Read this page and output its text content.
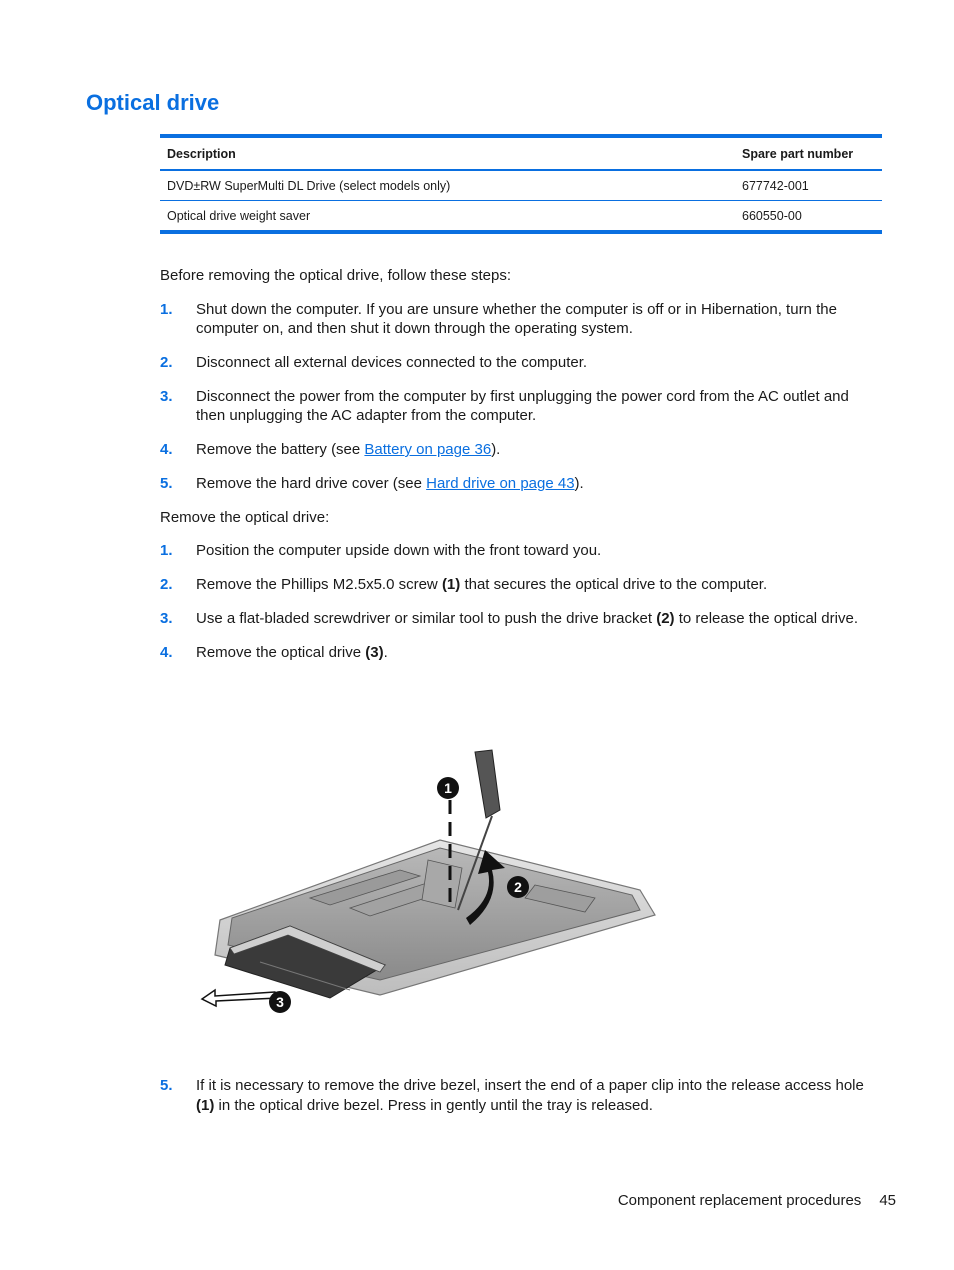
Optical drive
Description	Spare part number
DVD±RW SuperMulti DL Drive (select models only)	677742-001
Optical drive weight saver	660550-00

Before removing the optical drive, follow these steps:

1. Shut down the computer. If you are unsure whether the computer is off or in Hibernation, turn the computer on, and then shut it down through the operating system.
2. Disconnect all external devices connected to the computer.
3. Disconnect the power from the computer by first unplugging the power cord from the AC outlet and then unplugging the AC adapter from the computer.
4. Remove the battery (see Battery on page 36).
5. Remove the hard drive cover (see Hard drive on page 43).

Remove the optical drive:

1. Position the computer upside down with the front toward you.
2. Remove the Phillips M2.5x5.0 screw (1) that secures the optical drive to the computer.
3. Use a flat-bladed screwdriver or similar tool to push the drive bracket (2) to release the optical drive.
4. Remove the optical drive (3).
1
2
3
5. If it is necessary to remove the drive bezel, insert the end of a paper clip into the release access hole (1) in the optical drive bezel. Press in gently until the tray is released.
Component replacement procedures 45
